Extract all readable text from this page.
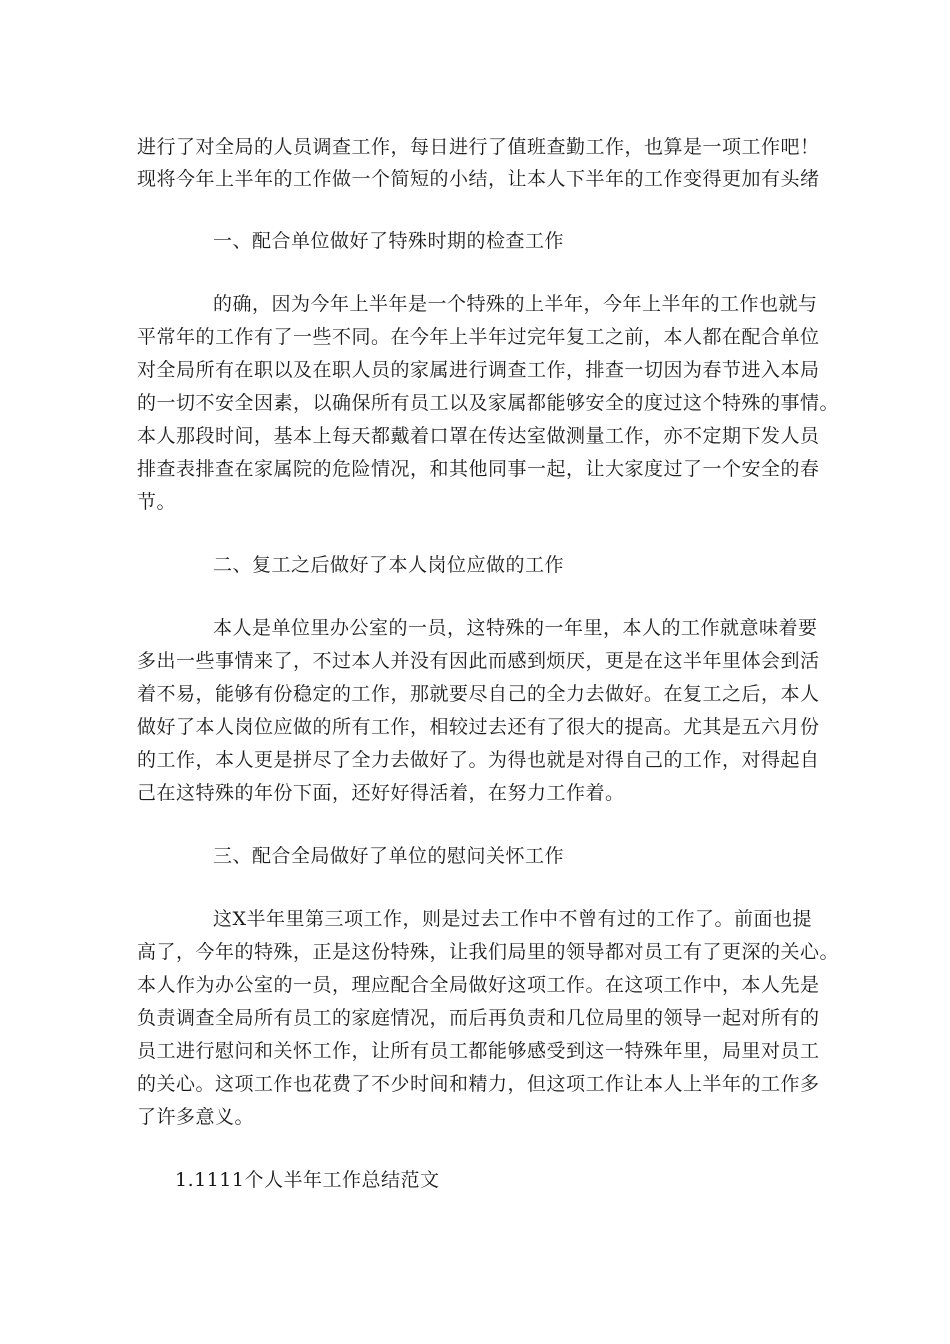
进行了对全局的人员调查工作，每日进行了值班查勤工作，也算是一项工作吧！

现将今年上半年的工作做一个简短的小结，让本人下半年的工作变得更加有头绪

一、配合单位做好了特殊时期的检查工作

的确，因为今年上半年是一个特殊的上半年，今年上半年的工作也就与
平常年的工作有了一些不同。在今年上半年过完年复工之前，本人都在配合单位
对全局所有在职以及在职人员的家属进行调查工作，排查一切因为春节进入本局
的一切不安全因素，以确保所有员工以及家属都能够安全的度过这个特殊的事情。
本人那段时间，基本上每天都戴着口罩在传达室做测量工作，亦不定期下发人员
排查表排查在家属院的危险情况，和其他同事一起，让大家度过了一个安全的春
节。

二、复工之后做好了本人岗位应做的工作

本人是单位里办公室的一员，这特殊的一年里，本人的工作就意味着要
多出一些事情来了，不过本人并没有因此而感到烦厌，更是在这半年里体会到活
着不易，能够有份稳定的工作，那就要尽自己的全力去做好。在复工之后，本人
做好了本人岗位应做的所有工作，相较过去还有了很大的提高。尤其是五六月份
的工作，本人更是拼尽了全力去做好了。为得也就是对得自己的工作，对得起自
己在这特殊的年份下面，还好好得活着，在努力工作着。

三、配合全局做好了单位的慰问关怀工作

这X半年里第三项工作，则是过去工作中不曾有过的工作了。前面也提
高了，今年的特殊，正是这份特殊，让我们局里的领导都对员工有了更深的关心。
本人作为办公室的一员，理应配合全局做好这项工作。在这项工作中，本人先是
负责调查全局所有员工的家庭情况，而后再负责和几位局里的领导一起对所有的
员工进行慰问和关怀工作，让所有员工都能够感受到这一特殊年里，局里对员工
的关心。这项工作也花费了不少时间和精力，但这项工作让本人上半年的工作多
了许多意义。

1.1111个人半年工作总结范文
